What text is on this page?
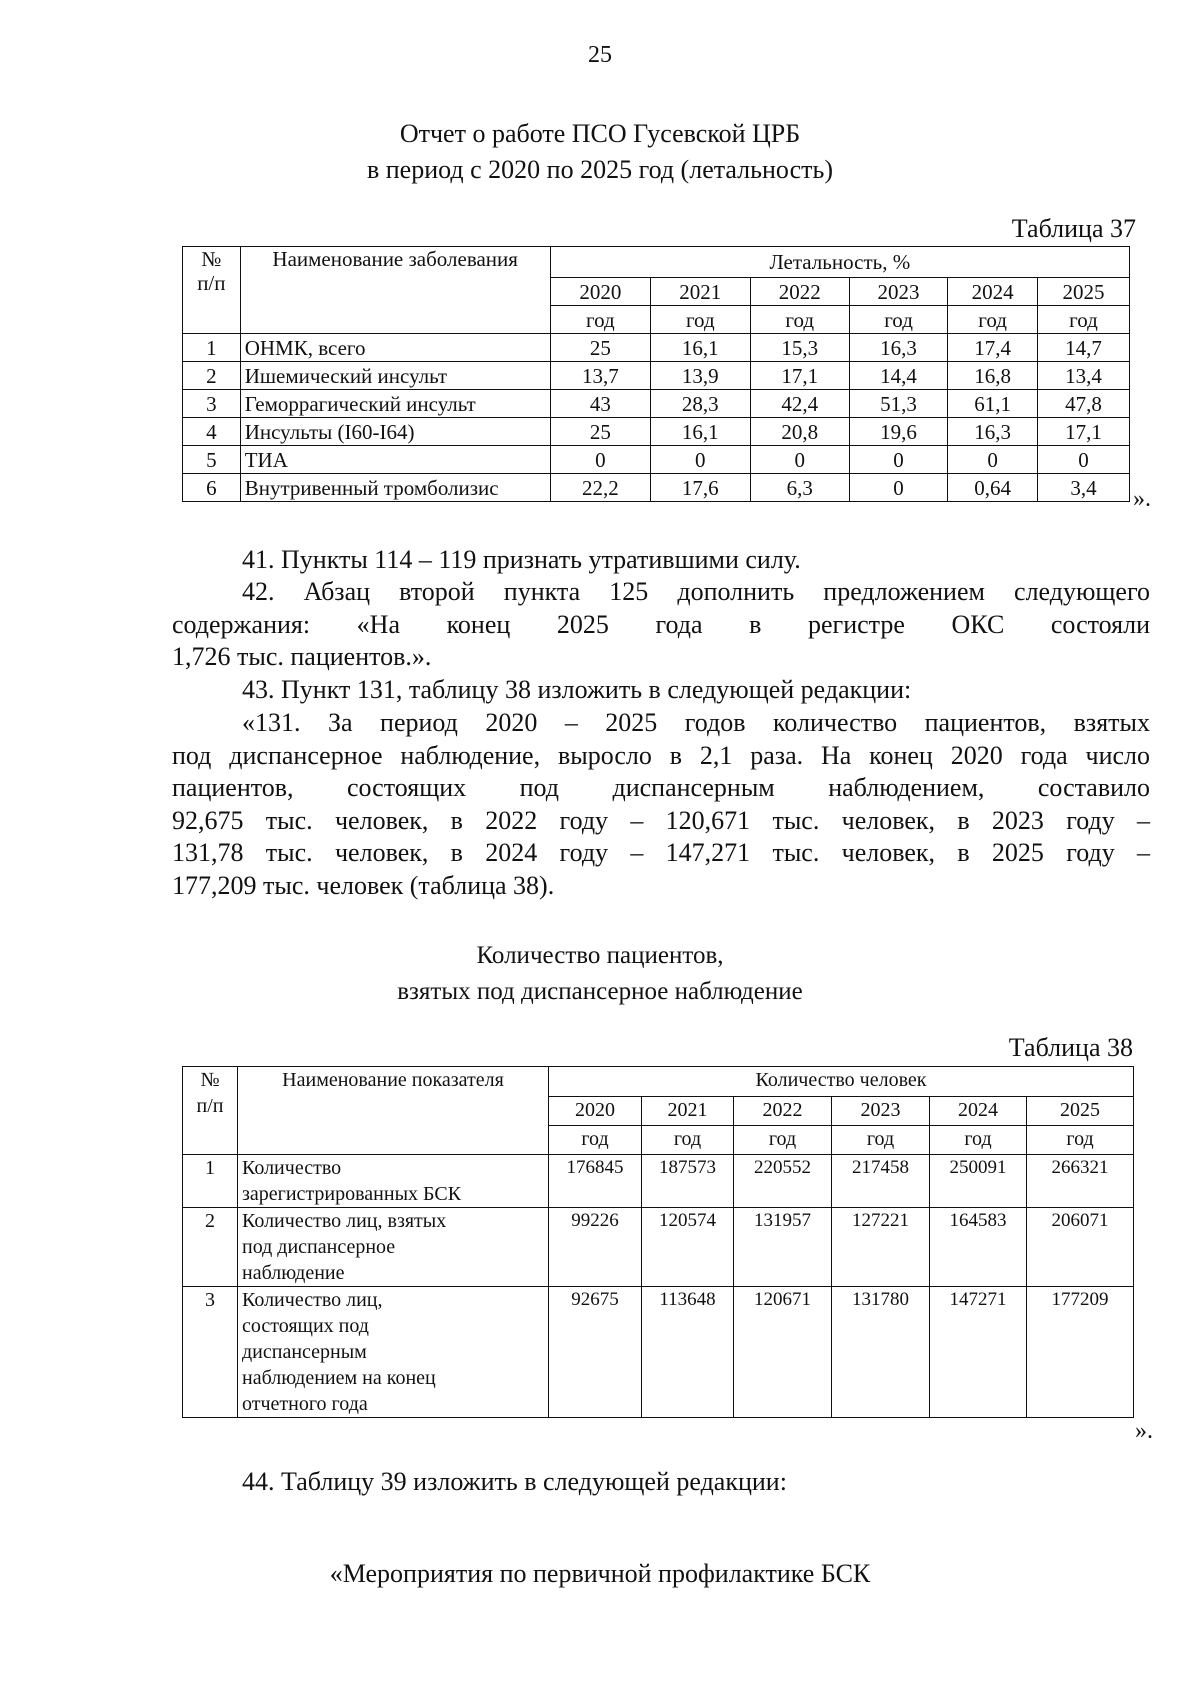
25
Отчет о работе ПСО Гусевской ЦРБ
в период с 2020 по 2025 год (летальность)
Таблица 37
№
п/п	Наименование заболевания	Летальность, %					
		2020	2021	2022	2023	2024	2025
		год	год	год	год	год	год
1	ОНМК, всего	25	16,1	15,3	16,3	17,4	14,7
2	Ишемический инсульт	13,7	13,9	17,1	14,4	16,8	13,4
3	Геморрагический инсульт	43	28,3	42,4	51,3	61,1	47,8
4	Инсульты (I60-I64)	25	16,1	20,8	19,6	16,3	17,1
5	ТИА	0	0	0	0	0	0
6	Внутривенный тромболизис	22,2	17,6	6,3	0	0,64	3,4 ».
41. Пункты 114 – 119 признать утратившими силу.
42. Абзац второй пункта 125 дополнить предложением следующего
содержания: «На конец 2025 года в регистре ОКС состояли
1,726 тыс. пациентов.».
43. Пункт 131, таблицу 38 изложить в следующей редакции:
«131. За период 2020 – 2025 годов количество пациентов, взятых
под диспансерное наблюдение, выросло в 2,1 раза. На конец 2020 года число
пациентов, состоящих под диспансерным наблюдением, составило
92,675 тыс. человек, в 2022 году – 120,671 тыс. человек, в 2023 году –
131,78 тыс. человек, в 2024 году – 147,271 тыс. человек, в 2025 году –
177,209 тыс. человек (таблица 38).
Количество пациентов,
взятых под диспансерное наблюдение
Таблица 38
№
п/п	Наименование показателя	Количество человек					
		2020	2021	2022	2023	2024	2025
		год	год	год	год	год	год
1	Количество
зарегистрированных БСК	176845	187573	220552	217458	250091	266321
2	Количество лиц, взятых
под диспансерное
наблюдение	99226	120574	131957	127221	164583	206071
3	Количество лиц,
состоящих под
диспансерным
наблюдением на конец
отчетного года	92675	113648	120671	131780	147271	177209
».
44. Таблицу 39 изложить в следующей редакции:
«Мероприятия по первичной профилактике БСК
